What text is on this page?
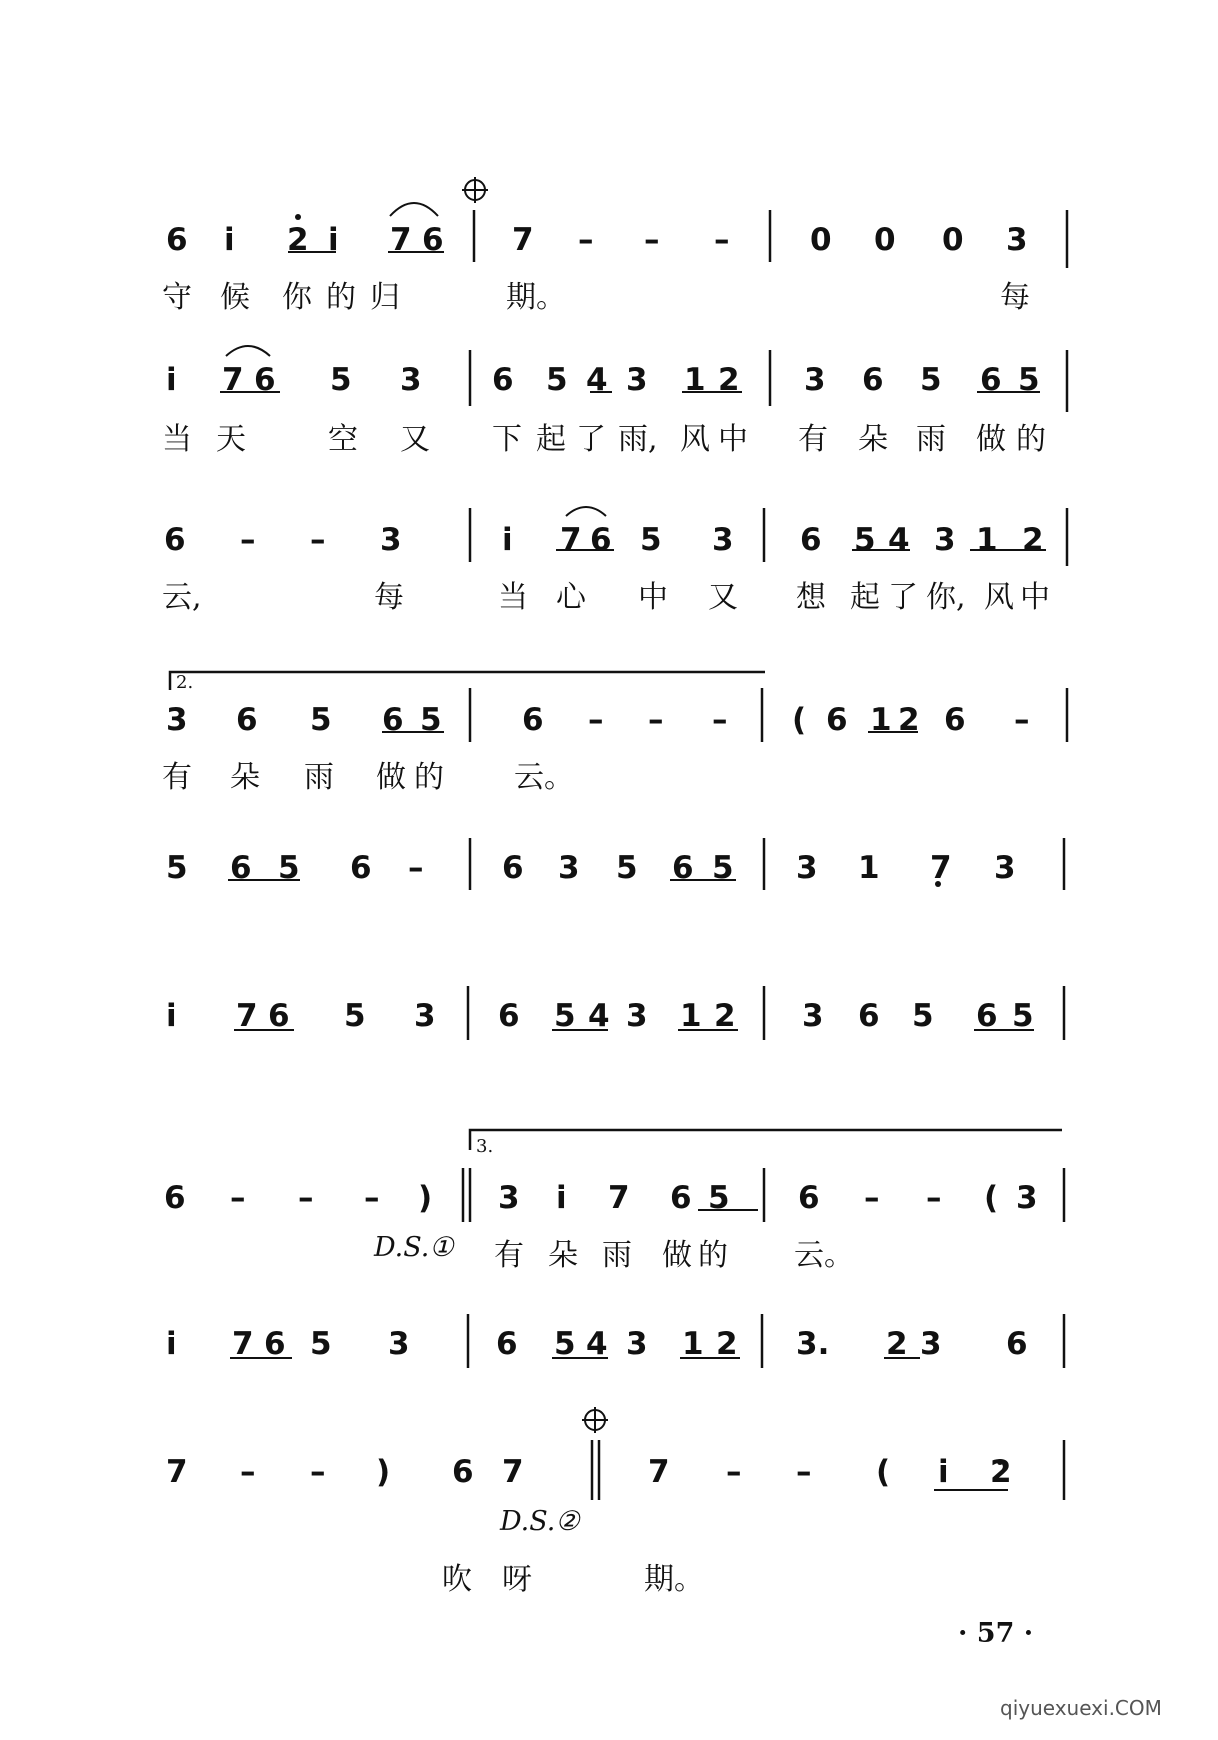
6 i 2 i 7 6 7 – – –	0 0 0 3
守 候 你 的 归	期。	每
i 7 6 5 3 6 5 4 3 1 2 3 6 5 6 5
当 天	空 又 下 起 了 雨, 风 中 有 朵 雨 做 的
6 – – 3	i 7 6 5 3 6 5 4 3 1 2
云,	每	当 心 中 又 想 起 了 你, 风 中
2.
3 6 5 6 5	6 – – – ( 6 1 2 6 –
有 朵 雨 做 的 云。
5 6 5 6 –	6 3 5 6 5 3 1 7 3
i 7 6 5 3 6 5 4 3 1 2 3 6 5 6 5
3.
6 – – – ) 3 i 7 6 5 6 – – ( 3
D.S.① 有 朵 雨 做 的 云。
i 7 6 5 3	6 5 4 3 1 2 3. 2 3 6
7 – – ) 6 7	7 – – ( i 2
D.S.②
吹 呀	期。
· 57 ·
qiyuexuexi.COM
